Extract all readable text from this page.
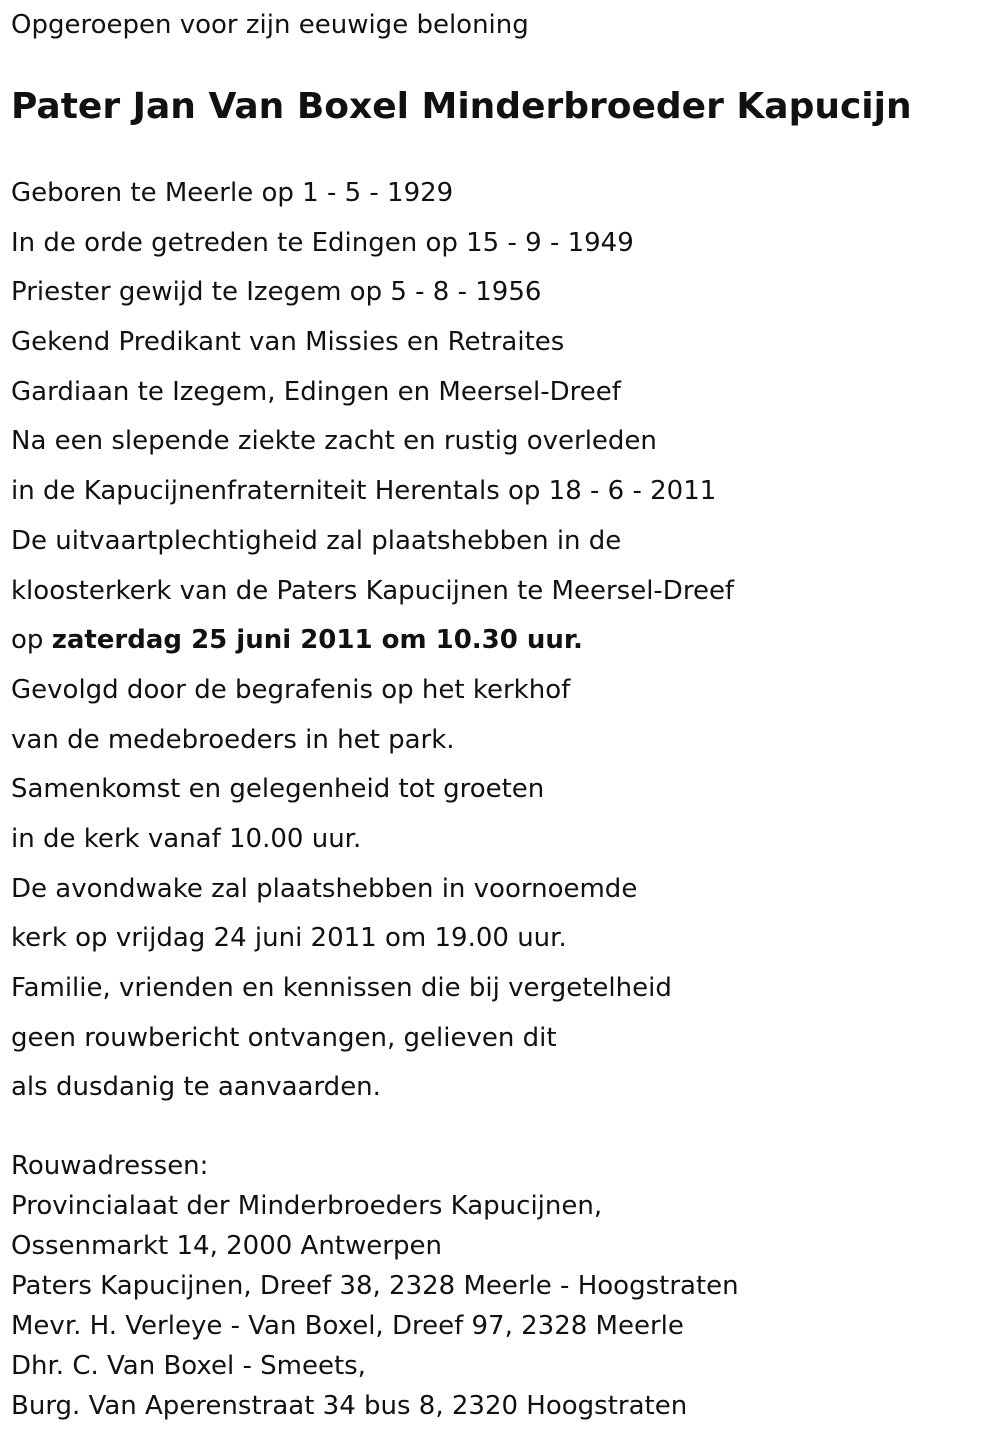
Opgeroepen voor zijn eeuwige beloning
Pater Jan Van Boxel Minderbroeder Kapucijn
Geboren te Meerle op 1 - 5 - 1929
In de orde getreden te Edingen op 15 - 9 - 1949
Priester gewijd te Izegem op 5 - 8 - 1956
Gekend Predikant van Missies en Retraites
Gardiaan te Izegem, Edingen en Meersel-Dreef
Na een slepende ziekte zacht en rustig overleden
in de Kapucijnenfraterniteit Herentals op 18 - 6 - 2011
De uitvaartplechtigheid zal plaatshebben in de
kloosterkerk van de Paters Kapucijnen te Meersel-Dreef
op zaterdag 25 juni 2011 om 10.30 uur.
Gevolgd door de begrafenis op het kerkhof
van de medebroeders in het park.
Samenkomst en gelegenheid tot groeten
in de kerk vanaf 10.00 uur.
De avondwake zal plaatshebben in voornoemde
kerk op vrijdag 24 juni 2011 om 19.00 uur.
Familie, vrienden en kennissen die bij vergetelheid
geen rouwbericht ontvangen, gelieven dit
als dusdanig te aanvaarden.
Rouwadressen:
Provincialaat der Minderbroeders Kapucijnen,
Ossenmarkt 14, 2000 Antwerpen
Paters Kapucijnen, Dreef 38, 2328 Meerle - Hoogstraten
Mevr. H. Verleye - Van Boxel, Dreef 97, 2328 Meerle
Dhr. C. Van Boxel - Smeets,
Burg. Van Aperenstraat 34 bus 8, 2320 Hoogstraten
